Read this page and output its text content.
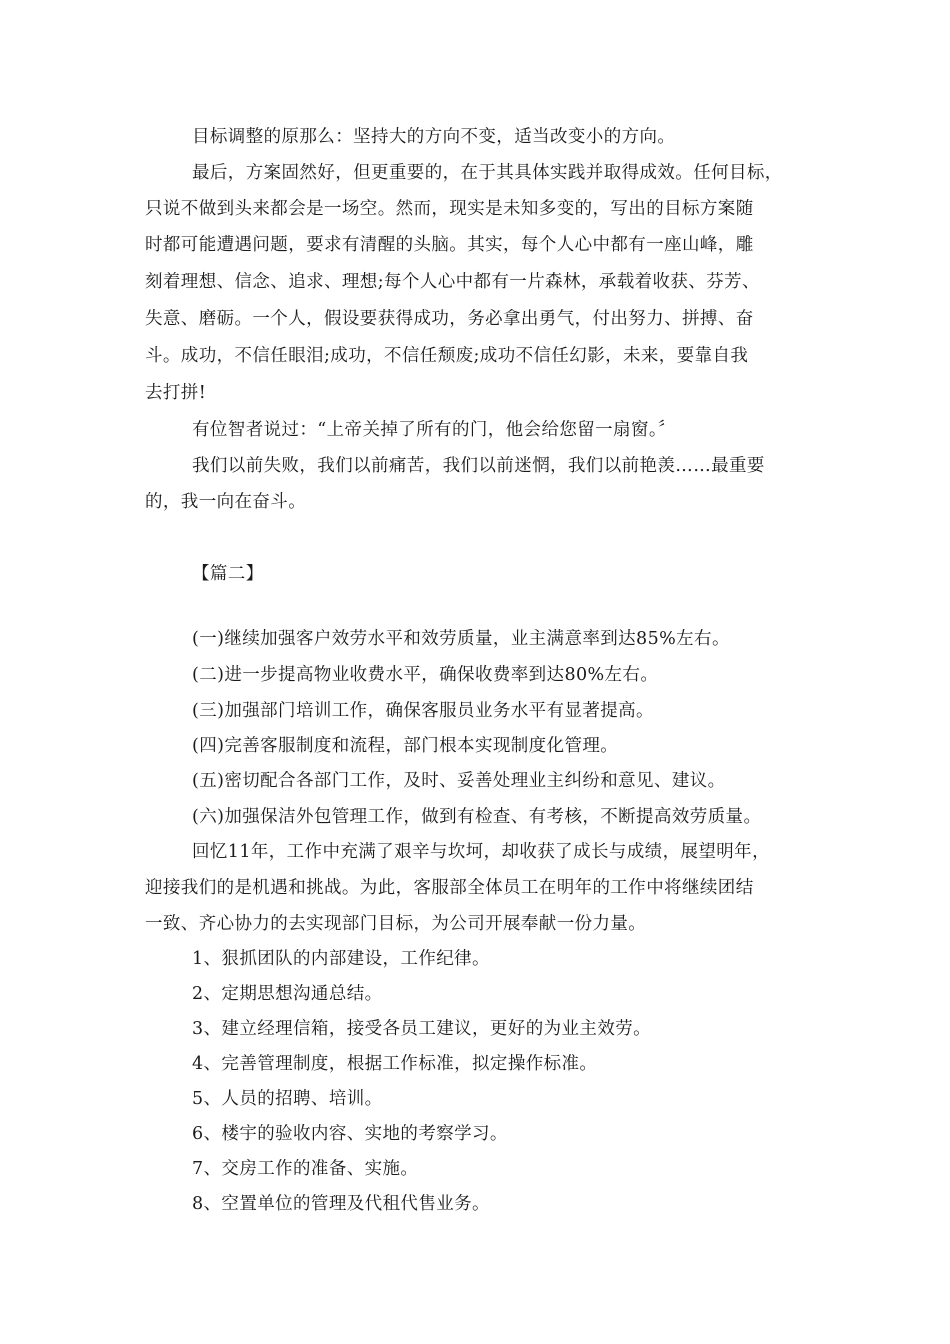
目标调整的原那么：坚持大的方向不变，适当改变小的方向。
最后，方案固然好，但更重要的，在于其具体实践并取得成效。任何目标，
只说不做到头来都会是一场空。然而，现实是未知多变的，写出的目标方案随
时都可能遭遇问题，要求有清醒的头脑。其实，每个人心中都有一座山峰，雕
刻着理想、信念、追求、理想;每个人心中都有一片森林，承载着收获、芬芳、
失意、磨砺。一个人，假设要获得成功，务必拿出勇气，付出努力、拼搏、奋
斗。成功，不信任眼泪;成功，不信任颓废;成功不信任幻影，未来，要靠自我
去打拼!
有位智者说过：“上帝关掉了所有的门，他会给您留一扇窗。〞
我们以前失败，我们以前痛苦，我们以前迷惘，我们以前艳羡……最重要
的，我一向在奋斗。
【篇二】
(一)继续加强客户效劳水平和效劳质量，业主满意率到达85%左右。
(二)进一步提高物业收费水平，确保收费率到达80%左右。
(三)加强部门培训工作，确保客服员业务水平有显著提高。
(四)完善客服制度和流程，部门根本实现制度化管理。
(五)密切配合各部门工作，及时、妥善处理业主纠纷和意见、建议。
(六)加强保洁外包管理工作，做到有检查、有考核，不断提高效劳质量。
回忆11年，工作中充满了艰辛与坎坷，却收获了成长与成绩，展望明年，
迎接我们的是机遇和挑战。为此，客服部全体员工在明年的工作中将继续团结
一致、齐心协力的去实现部门目标，为公司开展奉献一份力量。
1、狠抓团队的内部建设，工作纪律。
2、定期思想沟通总结。
3、建立经理信箱，接受各员工建议，更好的为业主效劳。
4、完善管理制度，根据工作标准，拟定操作标准。
5、人员的招聘、培训。
6、楼宇的验收内容、实地的考察学习。
7、交房工作的准备、实施。
8、空置单位的管理及代租代售业务。
